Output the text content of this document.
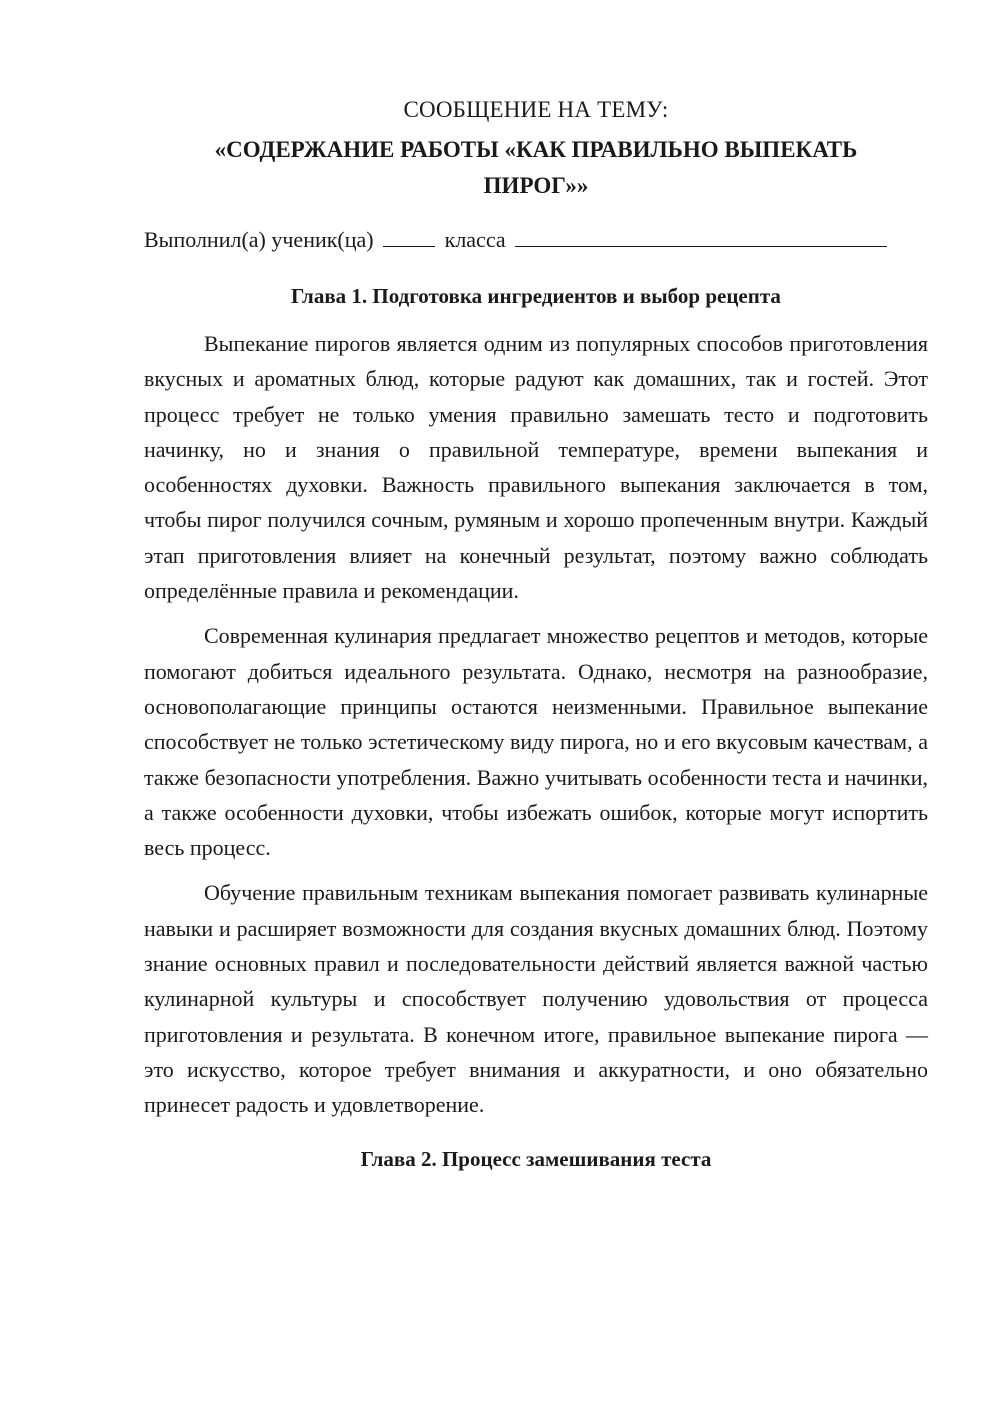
СООБЩЕНИЕ НА ТЕМУ:
«СОДЕРЖАНИЕ РАБОТЫ «КАК ПРАВИЛЬНО ВЫПЕКАТЬ ПИРОГ»»
Выполнил(а) ученик(ца)	класса
Глава 1. Подготовка ингредиентов и выбор рецепта

Выпекание пирогов является одним из популярных способов приготовления вкусных и ароматных блюд, которые радуют как домашних, так и гостей. Этот процесс требует не только умения правильно замешать тесто и подготовить начинку, но и знания о правильной температуре, времени выпекания и особенностях духовки. Важность правильного выпекания заключается в том, чтобы пирог получился сочным, румяным и хорошо пропеченным внутри. Каждый этап приготовления влияет на конечный результат, поэтому важно соблюдать определённые правила и рекомендации.

Современная кулинария предлагает множество рецептов и методов, которые помогают добиться идеального результата. Однако, несмотря на разнообразие, основополагающие принципы остаются неизменными. Правильное выпекание способствует не только эстетическому виду пирога, но и его вкусовым качествам, а также безопасности употребления. Важно учитывать особенности теста и начинки, а также особенности духовки, чтобы избежать ошибок, которые могут испортить весь процесс.

Обучение правильным техникам выпекания помогает развивать кулинарные навыки и расширяет возможности для создания вкусных домашних блюд. Поэтому знание основных правил и последовательности действий является важной частью кулинарной культуры и способствует получению удовольствия от процесса приготовления и результата. В конечном итоге, правильное выпекание пирога — это искусство, которое требует внимания и аккуратности, и оно обязательно принесет радость и удовлетворение.

Глава 2. Процесс замешивания теста
